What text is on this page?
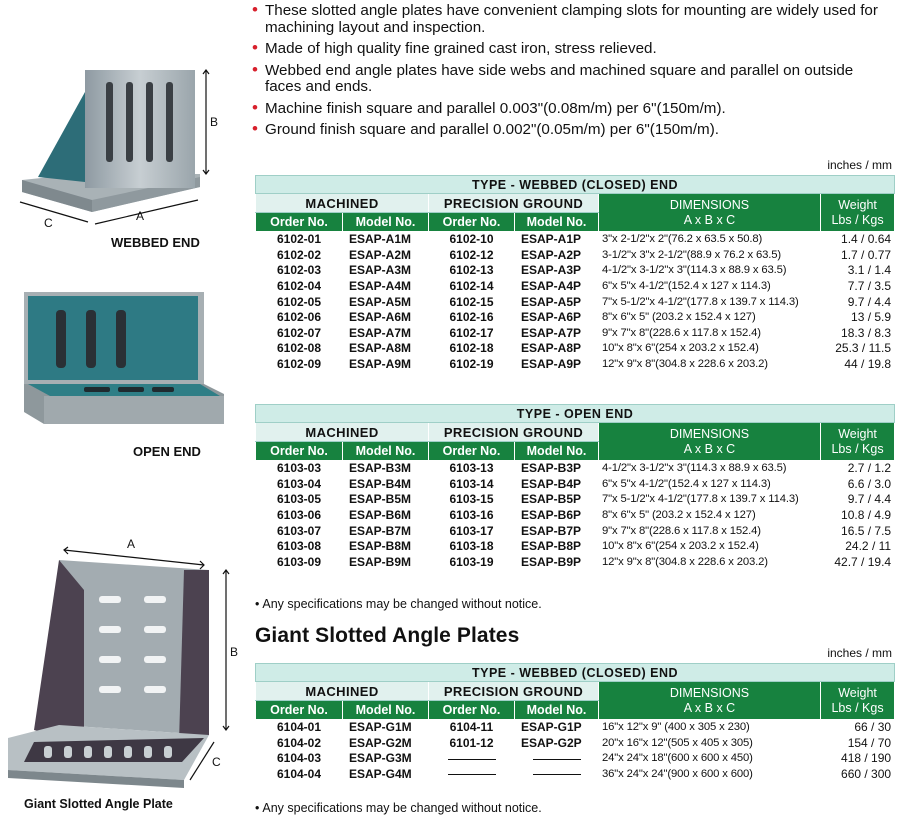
B
A
C
WEBBED END
OPEN END
A
B
C
Giant Slotted Angle Plate
• These slotted angle plates have convenient clamping slots for mounting are widely used for machining layout and inspection.
• Made of high quality fine grained cast iron, stress relieved.
• Webbed end angle plates have side webs and machined square and parallel on outside faces and ends.
• Machine finish square and parallel 0.003"(0.08m/m) per 6"(150m/m).
• Ground finish square and parallel 0.002"(0.05m/m) per 6"(150m/m).
inches / mm
TYPE - WEBBED (CLOSED) END					
MACHINED		PRECISION GROUND		DIMENSIONS
A x B x C	Weight
Lbs / Kgs
Order No.	Model No.	Order No.	Model No.		
6102-01	ESAP-A1M	6102-10	ESAP-A1P	3"x 2-1/2"x 2"(76.2 x 63.5 x 50.8)	1.4 / 0.64
6102-02	ESAP-A2M	6102-12	ESAP-A2P	3-1/2"x 3"x 2-1/2"(88.9 x 76.2 x 63.5)	1.7 / 0.77
6102-03	ESAP-A3M	6102-13	ESAP-A3P	4-1/2"x 3-1/2"x 3"(114.3 x 88.9 x 63.5)	3.1 / 1.4
6102-04	ESAP-A4M	6102-14	ESAP-A4P	6"x 5"x 4-1/2"(152.4 x 127 x 114.3)	7.7 / 3.5
6102-05	ESAP-A5M	6102-15	ESAP-A5P	7"x 5-1/2"x 4-1/2"(177.8 x 139.7 x 114.3)	9.7 / 4.4
6102-06	ESAP-A6M	6102-16	ESAP-A6P	8"x 6"x 5" (203.2 x 152.4 x 127)	13 / 5.9
6102-07	ESAP-A7M	6102-17	ESAP-A7P	9"x 7"x 8"(228.6 x 117.8 x 152.4)	18.3 / 8.3
6102-08	ESAP-A8M	6102-18	ESAP-A8P	10"x 8"x 6"(254 x 203.2 x 152.4)	25.3 / 11.5
6102-09	ESAP-A9M	6102-19	ESAP-A9P	12"x 9"x 8"(304.8 x 228.6 x 203.2)	44 / 19.8
TYPE - OPEN END					
MACHINED		PRECISION GROUND		DIMENSIONS
A x B x C	Weight
Lbs / Kgs
Order No.	Model No.	Order No.	Model No.		
6103-03	ESAP-B3M	6103-13	ESAP-B3P	4-1/2"x 3-1/2"x 3"(114.3 x 88.9 x 63.5)	2.7 / 1.2
6103-04	ESAP-B4M	6103-14	ESAP-B4P	6"x 5"x 4-1/2"(152.4 x 127 x 114.3)	6.6 / 3.0
6103-05	ESAP-B5M	6103-15	ESAP-B5P	7"x 5-1/2"x 4-1/2"(177.8 x 139.7 x 114.3)	9.7 / 4.4
6103-06	ESAP-B6M	6103-16	ESAP-B6P	8"x 6"x 5" (203.2 x 152.4 x 127)	10.8 / 4.9
6103-07	ESAP-B7M	6103-17	ESAP-B7P	9"x 7"x 8"(228.6 x 117.8 x 152.4)	16.5 / 7.5
6103-08	ESAP-B8M	6103-18	ESAP-B8P	10"x 8"x 6"(254 x 203.2 x 152.4)	24.2 / 11
6103-09	ESAP-B9M	6103-19	ESAP-B9P	12"x 9"x 8"(304.8 x 228.6 x 203.2)	42.7 / 19.4
• Any specifications may be changed without notice.
Giant Slotted Angle Plates
inches / mm
TYPE - WEBBED (CLOSED) END					
MACHINED		PRECISION GROUND		DIMENSIONS
A x B x C	Weight
Lbs / Kgs
Order No.	Model No.	Order No.	Model No.		
6104-01	ESAP-G1M	6104-11	ESAP-G1P	16"x 12"x 9" (400 x 305 x 230)	66 / 30
6104-02	ESAP-G2M	6101-12	ESAP-G2P	20"x 16"x 12"(505 x 405 x 305)	154 / 70
6104-03	ESAP-G3M			24"x 24"x 18"(600 x 600 x 450)	418 / 190
6104-04	ESAP-G4M			36"x 24"x 24"(900 x 600 x 600)	660 / 300
• Any specifications may be changed without notice.
